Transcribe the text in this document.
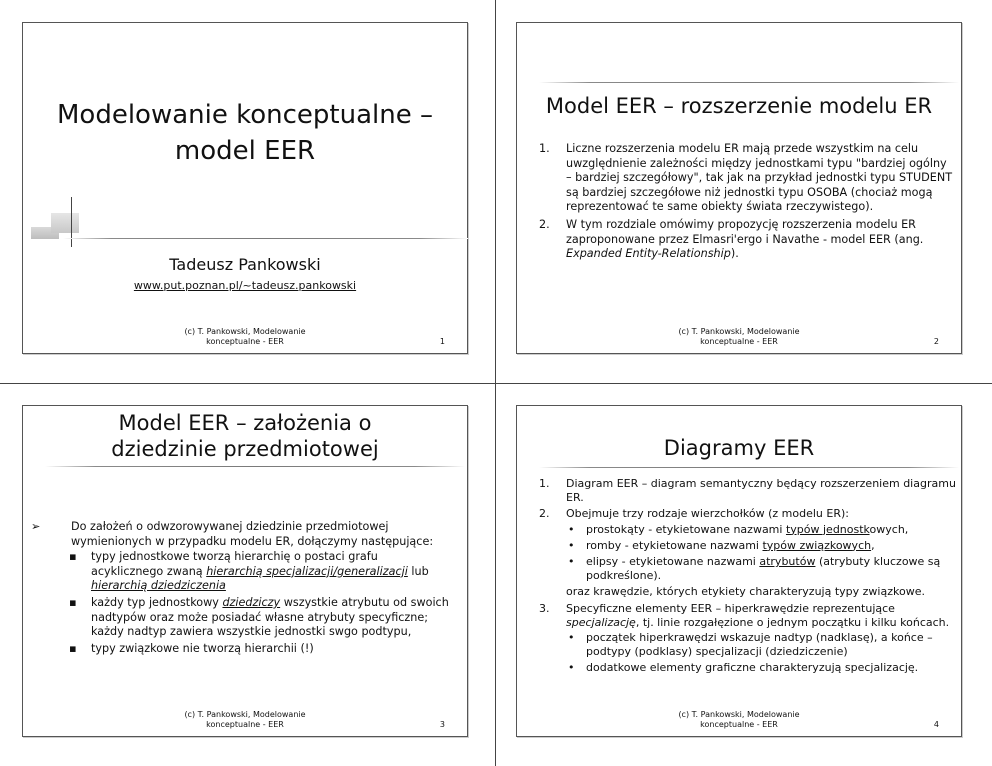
Modelowanie konceptualne – model EER
Tadeusz Pankowski
www.put.poznan.pl/~tadeusz.pankowski
(c) T. Pankowski, Modelowanie
konceptualne - EER	1
Model EER – rozszerzenie modelu ER
1. Liczne rozszerzenia modelu ER mają przede wszystkim na celu uwzględnienie zależności między jednostkami typu "bardziej ogólny – bardziej szczegółowy", tak jak na przykład jednostki typu STUDENT są bardziej szczegółowe niż jednostki typu OSOBA (chociaż mogą reprezentować te same obiekty świata rzeczywistego).
2. W tym rozdziale omówimy propozycję rozszerzenia modelu ER zaproponowane przez Elmasri'ergo i Navathe - model EER (ang. Expanded Entity-Relationship).
(c) T. Pankowski, Modelowanie
konceptualne - EER	2
Model EER – założenia o dziedzinie przedmiotowej
➢	Do założeń o odwzorowywanej dziedzinie przedmiotowej wymienionych w przypadku modelu ER, dołączymy następujące:
▪ typy jednostkowe tworzą hierarchię o postaci grafu acyklicznego zwaną hierarchią specjalizacji/generalizacji lub hierarchią dziedziczenia
▪ każdy typ jednostkowy dziedziczy wszystkie atrybutu od swoich nadtypów oraz może posiadać własne atrybuty specyficzne; każdy nadtyp zawiera wszystkie jednostki swgo podtypu,
▪ typy związkowe nie tworzą hierarchii (!)
(c) T. Pankowski, Modelowanie
konceptualne - EER	3
Diagramy EER
1. Diagram EER – diagram semantyczny będący rozszerzeniem diagramu ER.
2. Obejmuje trzy rodzaje wierzchołków (z modelu ER):
• prostokąty - etykietowane nazwami typów jednostkowych,
• romby - etykietowane nazwami typów związkowych,
• elipsy - etykietowane nazwami atrybutów (atrybuty kluczowe są podkreślone).
oraz krawędzie, których etykiety charakteryzują typy związkowe.
3. Specyficzne elementy EER – hiperkrawędzie reprezentujące specjalizację, tj. linie rozgałęzione o jednym początku i kilku końcach.
• początek hiperkrawędzi wskazuje nadtyp (nadklasę), a końce – podtypy (podklasy) specjalizacji (dziedziczenie)
• dodatkowe elementy graficzne charakteryzują specjalizację.
(c) T. Pankowski, Modelowanie
konceptualne - EER	4
